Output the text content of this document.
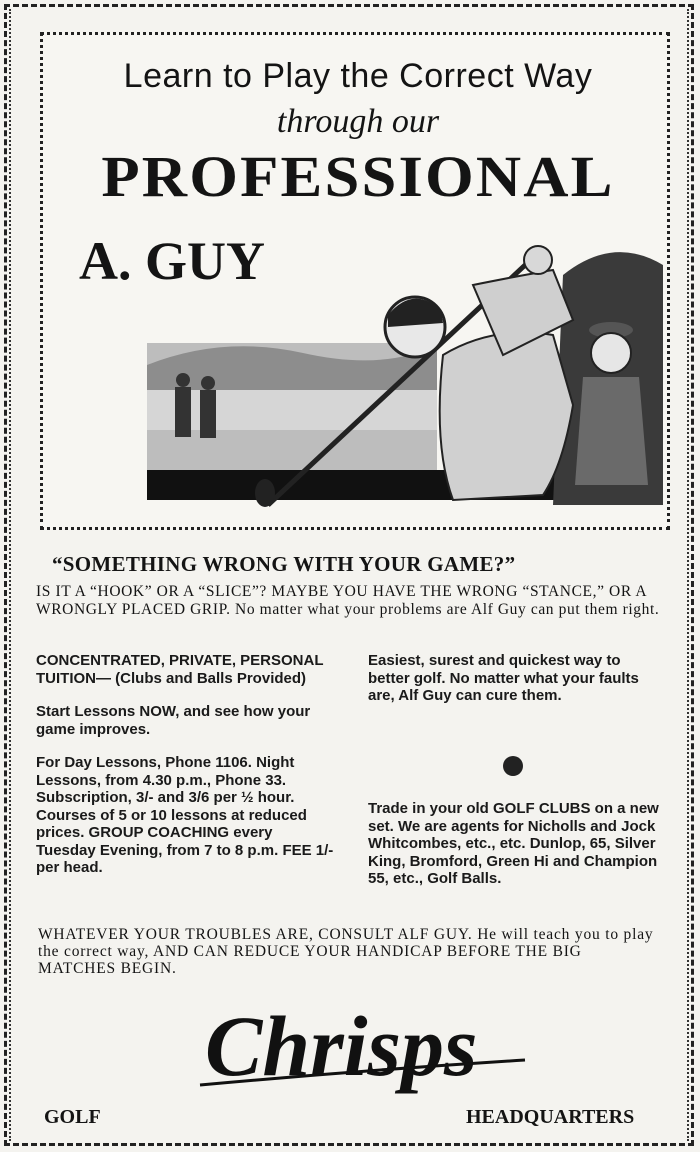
Learn to Play the Correct Way
through our
PROFESSIONAL
A. GUY
“SOMETHING WRONG WITH YOUR GAME?”
IS IT A “HOOK” OR A “SLICE”? MAYBE YOU HAVE THE WRONG “STANCE,” OR A WRONGLY PLACED GRIP. No matter what your problems are Alf Guy can put them right.

CONCENTRATED, PRIVATE, PERSONAL TUITION— (Clubs and Balls Provided)

Start Lessons NOW, and see how your game improves.

For Day Lessons, Phone 1106. Night Lessons, from 4.30 p.m., Phone 33. Subscription, 3/- and 3/6 per ½ hour. Courses of 5 or 10 lessons at reduced prices. GROUP COACHING every Tuesday Evening, from 7 to 8 p.m. FEE 1/- per head.

Easiest, surest and quickest way to better golf. No matter what your faults are, Alf Guy can cure them.

Trade in your old GOLF CLUBS on a new set. We are agents for Nicholls and Jock Whitcombes, etc., etc. Dunlop, 65, Silver King, Bromford, Green Hi and Champion 55, etc., Golf Balls.

WHATEVER YOUR TROUBLES ARE, CONSULT ALF GUY. He will teach you to play the correct way, AND CAN REDUCE YOUR HANDICAP BEFORE THE BIG MATCHES BEGIN.
Chrisps
GOLF	HEADQUARTERS
